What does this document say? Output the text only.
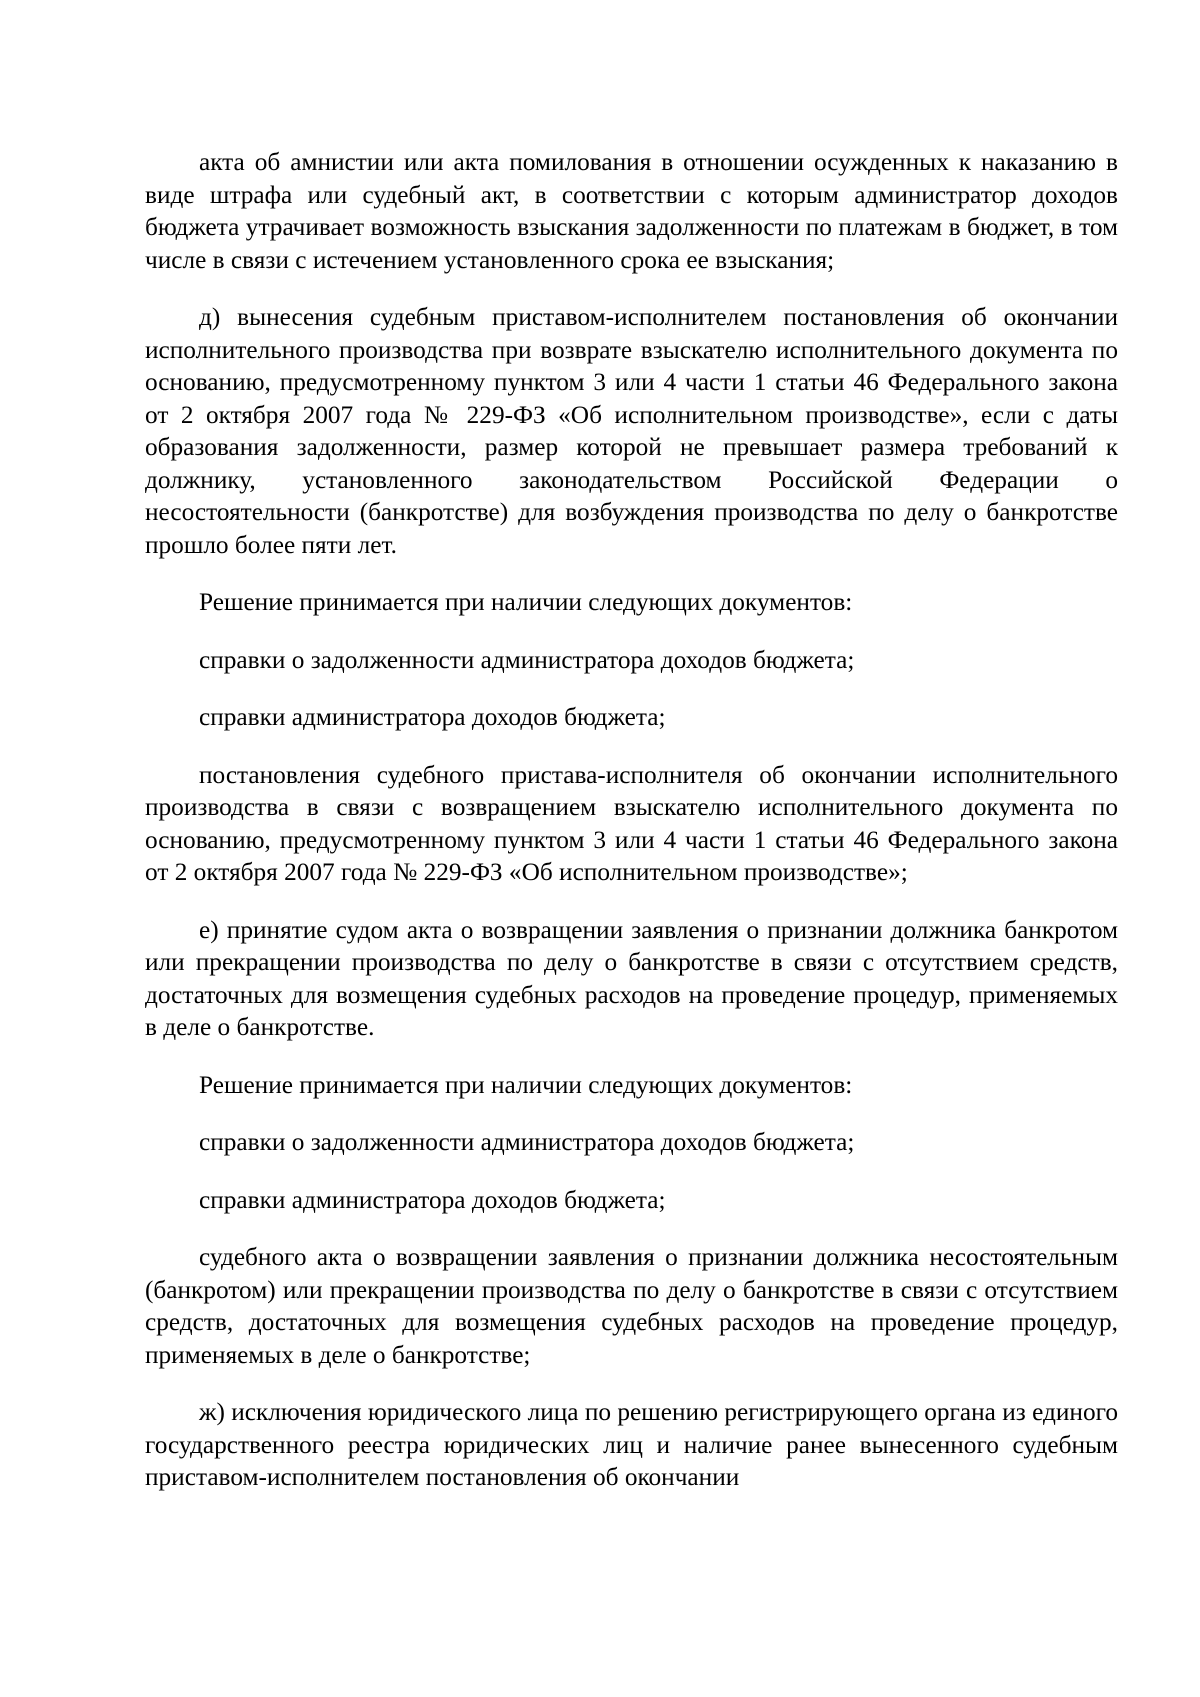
акта об амнистии или акта помилования в отношении осужденных к наказанию в виде штрафа или судебный акт, в соответствии с которым администратор доходов бюджета утрачивает возможность взыскания задолженности по платежам в бюджет, в том числе в связи с истечением установленного срока ее взыскания;

д) вынесения судебным приставом-исполнителем постановления об окончании исполнительного производства при возврате взыскателю исполнительного документа по основанию, предусмотренному пунктом 3 или 4 части 1 статьи 46 Федерального закона от 2 октября 2007 года № 229-ФЗ «Об исполнительном производстве», если с даты образования задолженности, размер которой не превышает размера требований к должнику, установленного законодательством Российской Федерации о несостоятельности (банкротстве) для возбуждения производства по делу о банкротстве прошло более пяти лет.

Решение принимается при наличии следующих документов:

справки о задолженности администратора доходов бюджета;

справки администратора доходов бюджета;

постановления судебного пристава-исполнителя об окончании исполнительного производства в связи с возвращением взыскателю исполнительного документа по основанию, предусмотренному пунктом 3 или 4 части 1 статьи 46 Федерального закона от 2 октября 2007 года № 229-ФЗ «Об исполнительном производстве»;

е) принятие судом акта о возвращении заявления о признании должника банкротом или прекращении производства по делу о банкротстве в связи с отсутствием средств, достаточных для возмещения судебных расходов на проведение процедур, применяемых в деле о банкротстве.

Решение принимается при наличии следующих документов:

справки о задолженности администратора доходов бюджета;

справки администратора доходов бюджета;

судебного акта о возвращении заявления о признании должника несостоятельным (банкротом) или прекращении производства по делу о банкротстве в связи с отсутствием средств, достаточных для возмещения судебных расходов на проведение процедур, применяемых в деле о банкротстве;

ж) исключения юридического лица по решению регистрирующего органа из единого государственного реестра юридических лиц и наличие ранее вынесенного судебным приставом-исполнителем постановления об окончании
